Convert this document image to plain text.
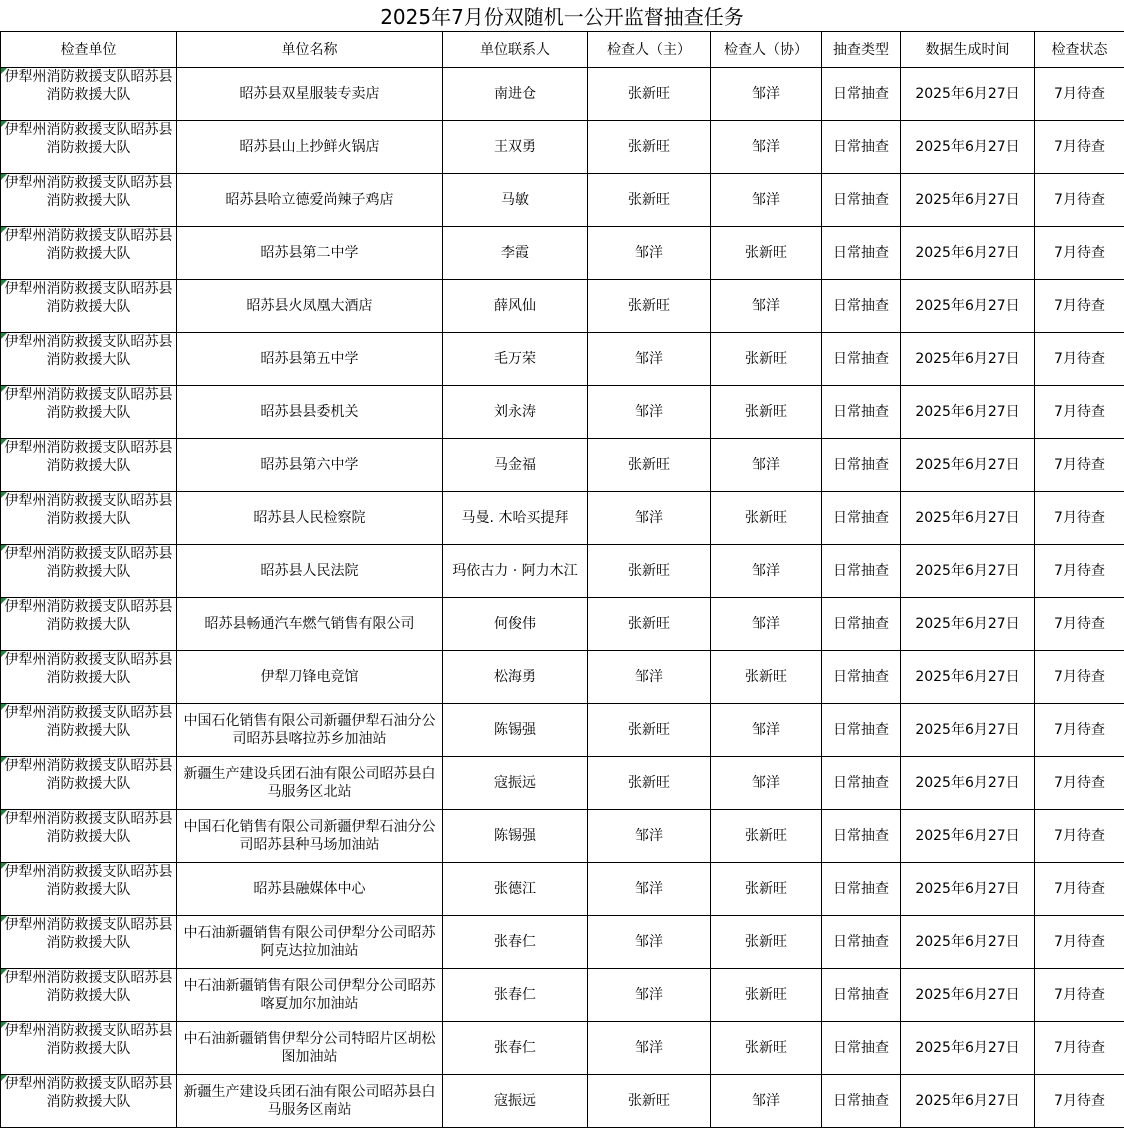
2025年7月份双随机一公开监督抽查任务
检查单位	单位名称	单位联系人	检查人（主）	检查人（协）	抽查类型	数据生成时间	检查状态
伊犁州消防救援支队昭苏县消防救援大队	昭苏县双星服装专卖店	南进仓	张新旺	邹洋	日常抽查	2025年6月27日	7月待查
伊犁州消防救援支队昭苏县消防救援大队	昭苏县山上抄鲜火锅店	王双勇	张新旺	邹洋	日常抽查	2025年6月27日	7月待查
伊犁州消防救援支队昭苏县消防救援大队	昭苏县哈立德爱尚辣子鸡店	马敏	张新旺	邹洋	日常抽查	2025年6月27日	7月待查
伊犁州消防救援支队昭苏县消防救援大队	昭苏县第二中学	李霞	邹洋	张新旺	日常抽查	2025年6月27日	7月待查
伊犁州消防救援支队昭苏县消防救援大队	昭苏县火凤凰大酒店	薛风仙	张新旺	邹洋	日常抽查	2025年6月27日	7月待查
伊犁州消防救援支队昭苏县消防救援大队	昭苏县第五中学	毛万荣	邹洋	张新旺	日常抽查	2025年6月27日	7月待查
伊犁州消防救援支队昭苏县消防救援大队	昭苏县县委机关	刘永涛	邹洋	张新旺	日常抽查	2025年6月27日	7月待查
伊犁州消防救援支队昭苏县消防救援大队	昭苏县第六中学	马金福	张新旺	邹洋	日常抽查	2025年6月27日	7月待查
伊犁州消防救援支队昭苏县消防救援大队	昭苏县人民检察院	马曼. 木哈买提拜	邹洋	张新旺	日常抽查	2025年6月27日	7月待查
伊犁州消防救援支队昭苏县消防救援大队	昭苏县人民法院	玛依古力 · 阿力木江	张新旺	邹洋	日常抽查	2025年6月27日	7月待查
伊犁州消防救援支队昭苏县消防救援大队	昭苏县畅通汽车燃气销售有限公司	何俊伟	张新旺	邹洋	日常抽查	2025年6月27日	7月待查
伊犁州消防救援支队昭苏县消防救援大队	伊犁刀锋电竞馆	松海勇	邹洋	张新旺	日常抽查	2025年6月27日	7月待查
伊犁州消防救援支队昭苏县消防救援大队	中国石化销售有限公司新疆伊犁石油分公司昭苏县喀拉苏乡加油站	陈锡强	张新旺	邹洋	日常抽查	2025年6月27日	7月待查
伊犁州消防救援支队昭苏县消防救援大队	新疆生产建设兵团石油有限公司昭苏县白马服务区北站	寇振远	张新旺	邹洋	日常抽查	2025年6月27日	7月待查
伊犁州消防救援支队昭苏县消防救援大队	中国石化销售有限公司新疆伊犁石油分公司昭苏县种马场加油站	陈锡强	邹洋	张新旺	日常抽查	2025年6月27日	7月待查
伊犁州消防救援支队昭苏县消防救援大队	昭苏县融媒体中心	张德江	邹洋	张新旺	日常抽查	2025年6月27日	7月待查
伊犁州消防救援支队昭苏县消防救援大队	中石油新疆销售有限公司伊犁分公司昭苏阿克达拉加油站	张春仁	邹洋	张新旺	日常抽查	2025年6月27日	7月待查
伊犁州消防救援支队昭苏县消防救援大队	中石油新疆销售有限公司伊犁分公司昭苏喀夏加尔加油站	张春仁	邹洋	张新旺	日常抽查	2025年6月27日	7月待查
伊犁州消防救援支队昭苏县消防救援大队	中石油新疆销售伊犁分公司特昭片区胡松图加油站	张春仁	邹洋	张新旺	日常抽查	2025年6月27日	7月待查
伊犁州消防救援支队昭苏县消防救援大队	新疆生产建设兵团石油有限公司昭苏县白马服务区南站	寇振远	张新旺	邹洋	日常抽查	2025年6月27日	7月待查
